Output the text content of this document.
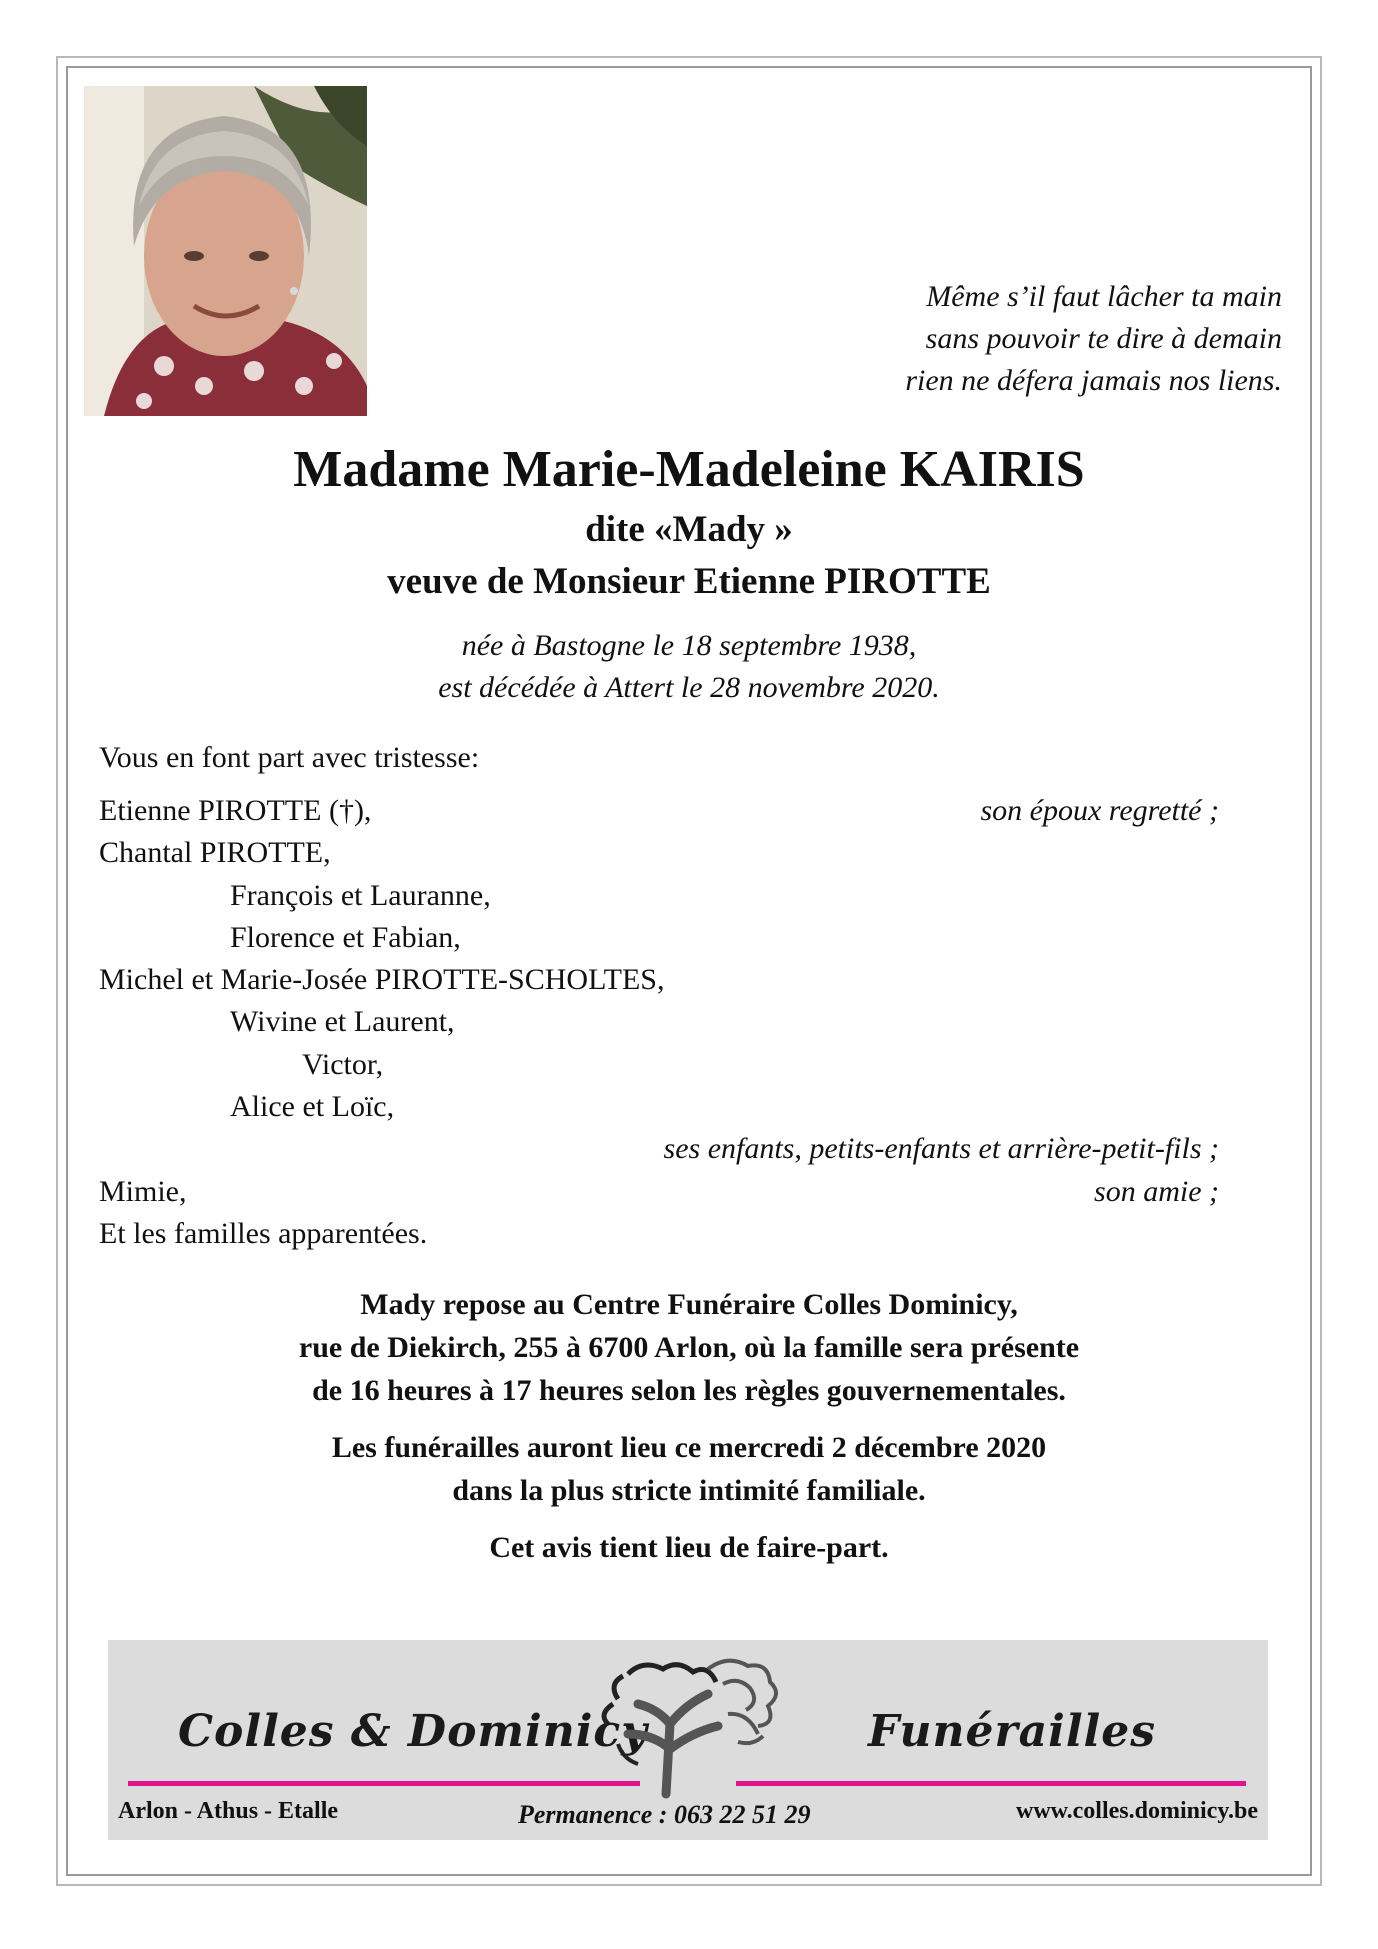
Même s’il faut lâcher ta main
sans pouvoir te dire à demain
rien ne défera jamais nos liens.
Madame Marie-Madeleine KAIRIS
dite «Mady »
veuve de Monsieur Etienne PIROTTE
née à Bastogne le 18 septembre 1938,
est décédée à Attert le 28 novembre 2020.
Vous en font part avec tristesse:
Etienne PIROTTE (†),	son époux regretté ;
Chantal PIROTTE,
François et Lauranne,
Florence et Fabian,
Michel et Marie-Josée PIROTTE-SCHOLTES,
Wivine et Laurent,
Victor,
Alice et Loïc,
ses enfants, petits-enfants et arrière-petit-fils ;
Mimie,	son amie ;
Et les familles apparentées.
Mady repose au Centre Funéraire Colles Dominicy,
rue de Diekirch, 255 à 6700 Arlon, où la famille sera présente
de 16 heures à 17 heures selon les règles gouvernementales.
Les funérailles auront lieu ce mercredi 2 décembre 2020
dans la plus stricte intimité familiale.
Cet avis tient lieu de faire-part.
Colles & Dominicy	Funérailles
Arlon - Athus - Etalle	Permanence : 063 22 51 29	www.colles.dominicy.be
